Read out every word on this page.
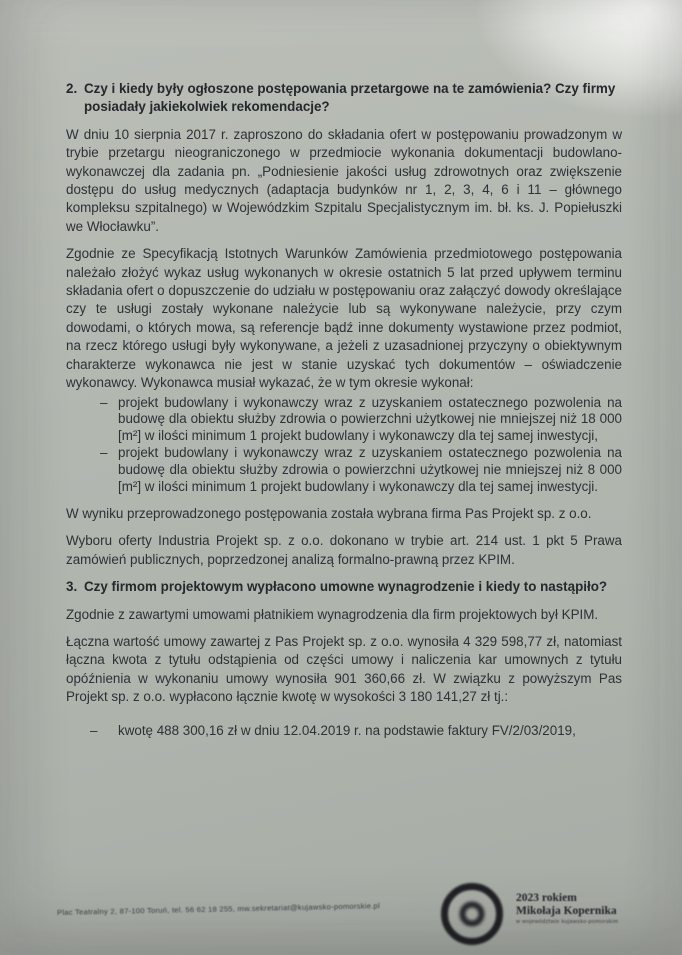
2. Czy i kiedy były ogłoszone postępowania przetargowe na te zamówienia? Czy firmy posiadały jakiekolwiek rekomendacje?

W dniu 10 sierpnia 2017 r. zaproszono do składania ofert w postępowaniu prowadzonym w trybie przetargu nieograniczonego w przedmiocie wykonania dokumentacji budowlano-wykonawczej dla zadania pn. „Podniesienie jakości usług zdrowotnych oraz zwiększenie dostępu do usług medycznych (adaptacja budynków nr 1, 2, 3, 4, 6 i 11 – głównego kompleksu szpitalnego) w Wojewódzkim Szpitalu Specjalistycznym im. bł. ks. J. Popiełuszki we Włocławku”.

Zgodnie ze Specyfikacją Istotnych Warunków Zamówienia przedmiotowego postępowania należało złożyć wykaz usług wykonanych w okresie ostatnich 5 lat przed upływem terminu składania ofert o dopuszczenie do udziału w postępowaniu oraz załączyć dowody określające czy te usługi zostały wykonane należycie lub są wykonywane należycie, przy czym dowodami, o których mowa, są referencje bądź inne dokumenty wystawione przez podmiot, na rzecz którego usługi były wykonywane, a jeżeli z uzasadnionej przyczyny o obiektywnym charakterze wykonawca nie jest w stanie uzyskać tych dokumentów – oświadczenie wykonawcy. Wykonawca musiał wykazać, że w tym okresie wykonał:

– projekt budowlany i wykonawczy wraz z uzyskaniem ostatecznego pozwolenia na budowę dla obiektu służby zdrowia o powierzchni użytkowej nie mniejszej niż 18 000 [m²] w ilości minimum 1 projekt budowlany i wykonawczy dla tej samej inwestycji,
– projekt budowlany i wykonawczy wraz z uzyskaniem ostatecznego pozwolenia na budowę dla obiektu służby zdrowia o powierzchni użytkowej nie mniejszej niż 8 000 [m²] w ilości minimum 1 projekt budowlany i wykonawczy dla tej samej inwestycji.

W wyniku przeprowadzonego postępowania została wybrana firma Pas Projekt sp. z o.o.

Wyboru oferty Industria Projekt sp. z o.o. dokonano w trybie art. 214 ust. 1 pkt 5 Prawa zamówień publicznych, poprzedzonej analizą formalno-prawną przez KPIM.

3. Czy firmom projektowym wypłacono umowne wynagrodzenie i kiedy to nastąpiło?

Zgodnie z zawartymi umowami płatnikiem wynagrodzenia dla firm projektowych był KPIM.

Łączna wartość umowy zawartej z Pas Projekt sp. z o.o. wynosiła 4 329 598,77 zł, natomiast łączna kwota z tytułu odstąpienia od części umowy i naliczenia kar umownych z tytułu opóźnienia w wykonaniu umowy wynosiła 901 360,66 zł. W związku z powyższym Pas Projekt sp. z o.o. wypłacono łącznie kwotę w wysokości 3 180 141,27 zł tj.:

–	kwotę 488 300,16 zł w dniu 12.04.2019 r. na podstawie faktury FV/2/03/2019,
Plac Teatralny 2, 87-100 Toruń, tel. 56 62 18 255, mw.sekretariat@kujawsko-pomorskie.pl
2023 rokiem
Mikołaja Kopernika
w województwie kujawsko-pomorskim
